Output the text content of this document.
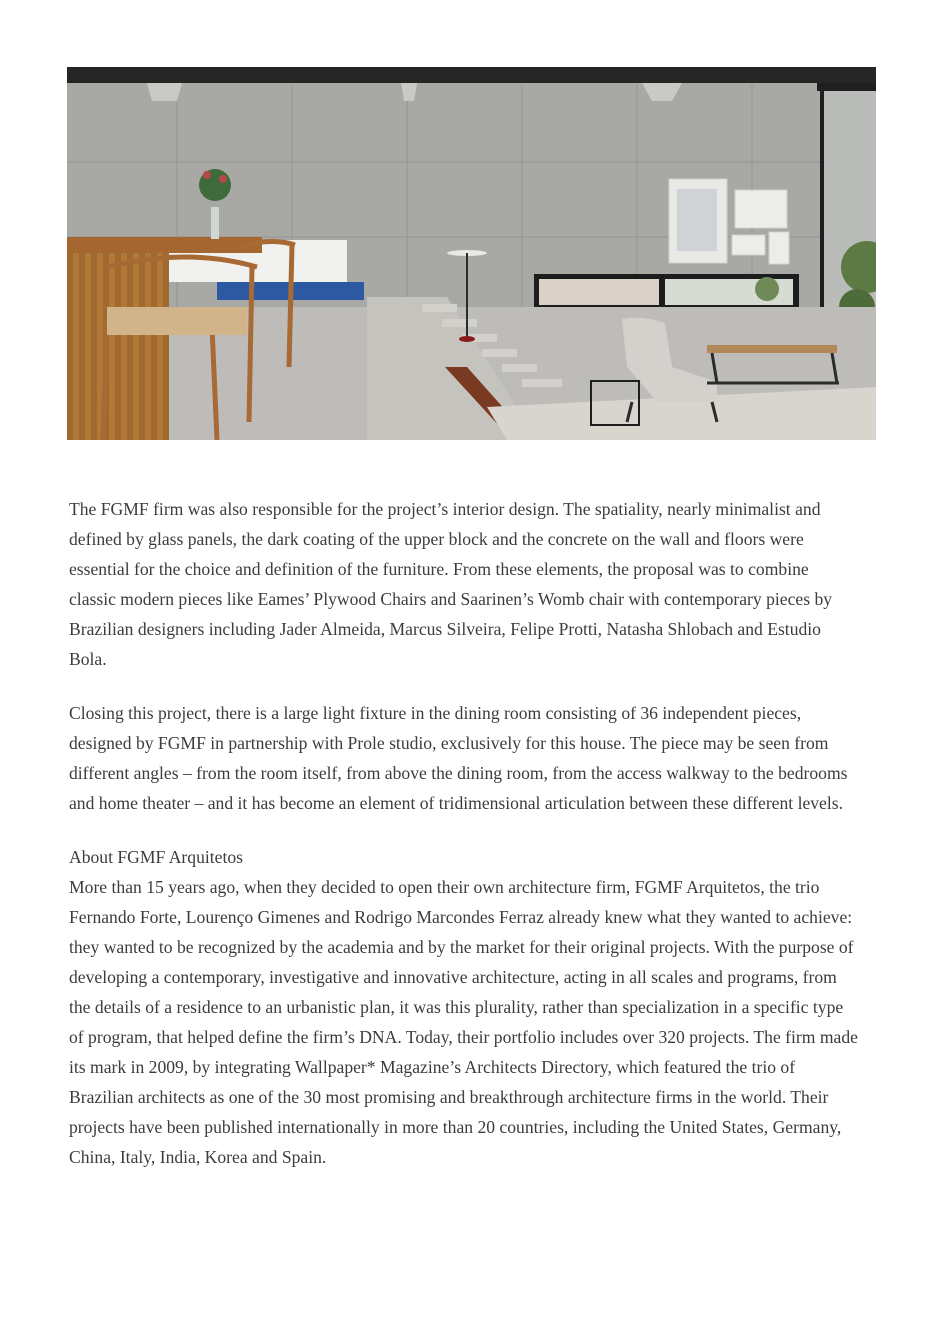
The FGMF firm was also responsible for the project’s interior design. The spatiality, nearly minimalist and defined by glass panels, the dark coating of the upper block and the concrete on the wall and floors were essential for the choice and definition of the furniture. From these elements, the proposal was to combine classic modern pieces like Eames’ Plywood Chairs and Saarinen’s Womb chair with contemporary pieces by Brazilian designers including Jader Almeida, Marcus Silveira, Felipe Protti, Natasha Shlobach and Estudio Bola.

Closing this project, there is a large light fixture in the dining room consisting of 36 independent pieces, designed by FGMF in partnership with Prole studio, exclusively for this house. The piece may be seen from different angles – from the room itself, from above the dining room, from the access walkway to the bedrooms and home theater – and it has become an element of tridimensional articulation between these different levels.

About FGMF Arquitetos

More than 15 years ago, when they decided to open their own architecture firm, FGMF Arquitetos, the trio Fernando Forte, Lourenço Gimenes and Rodrigo Marcondes Ferraz already knew what they wanted to achieve: they wanted to be recognized by the academia and by the market for their original projects. With the purpose of developing a contemporary, investigative and innovative architecture, acting in all scales and programs, from the details of a residence to an urbanistic plan, it was this plurality, rather than specialization in a specific type of program, that helped define the firm’s DNA. Today, their portfolio includes over 320 projects. The firm made its mark in 2009, by integrating Wallpaper* Magazine’s Architects Directory, which featured the trio of Brazilian architects as one of the 30 most promising and breakthrough architecture firms in the world. Their projects have been published internationally in more than 20 countries, including the United States, Germany, China, Italy, India, Korea and Spain.
